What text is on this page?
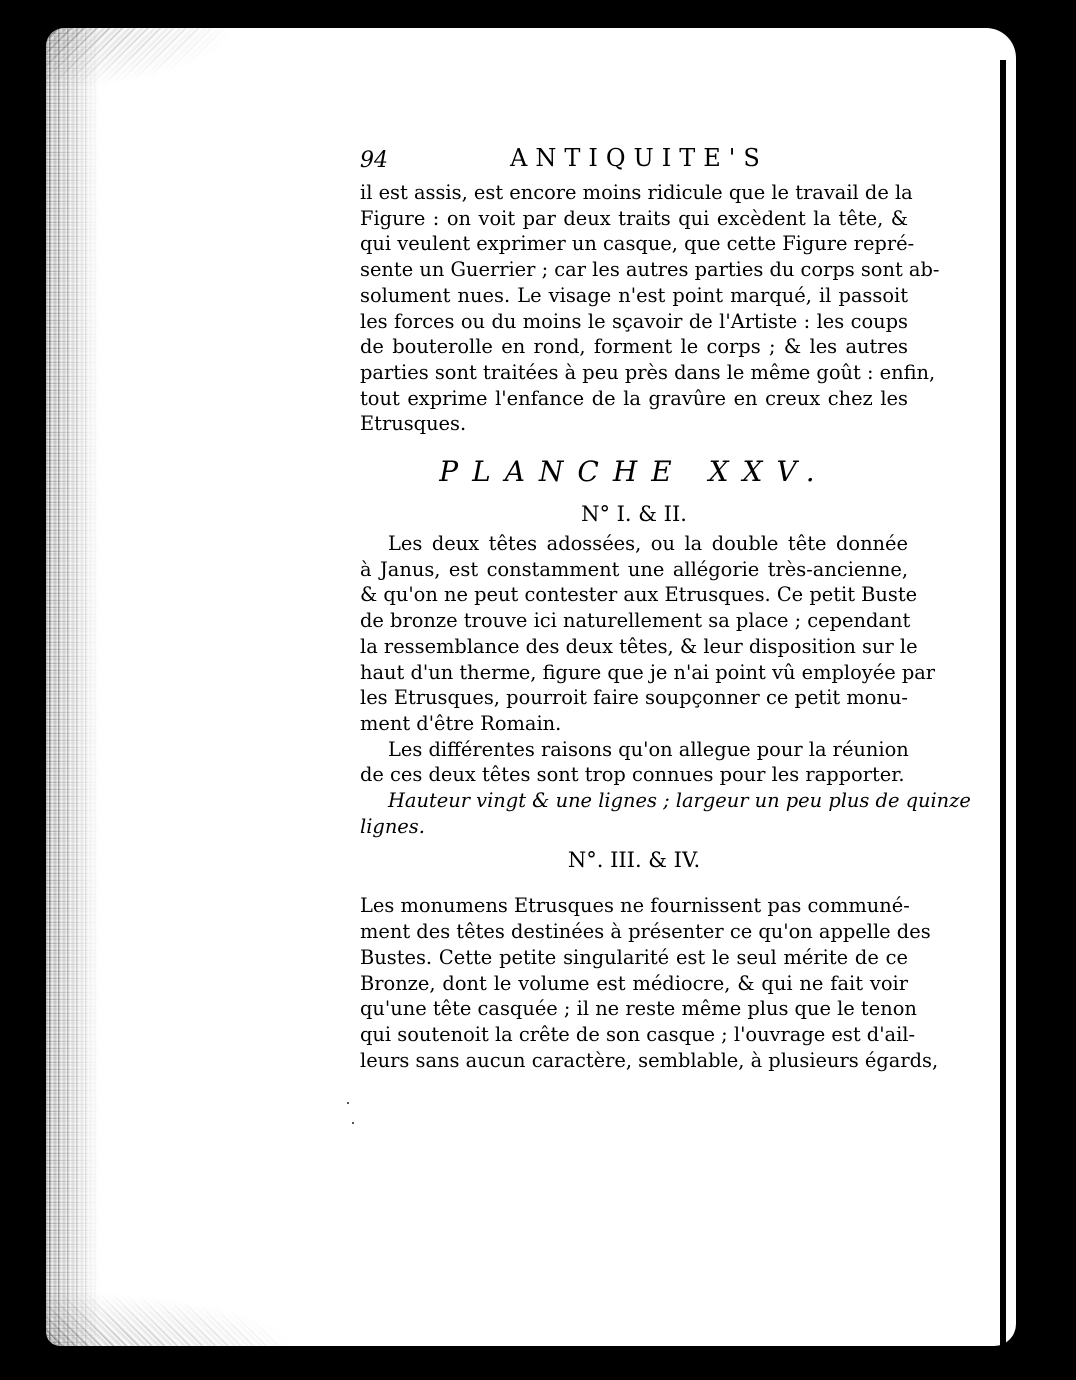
94	ANTIQUITE'S

il est assis, est encore moins ridicule que le travail de la
Figure : on voit par deux traits qui excèdent la tête, &
qui veulent exprimer un casque, que cette Figure repré-
sente un Guerrier ; car les autres parties du corps sont ab-
solument nues. Le visage n'est point marqué, il passoit
les forces ou du moins le sçavoir de l'Artiste : les coups
de bouterolle en rond, forment le corps ; & les autres
parties sont traitées à peu près dans le même goût : enfin,
tout exprime l'enfance de la gravûre en creux chez les
Etrusques.

PLANCHE XXV.
N° I. & II.

Les deux têtes adossées, ou la double tête donnée
à Janus, est constamment une allégorie très-ancienne,
& qu'on ne peut contester aux Etrusques. Ce petit Buste
de bronze trouve ici naturellement sa place ; cependant
la ressemblance des deux têtes, & leur disposition sur le
haut d'un therme, figure que je n'ai point vû employée par
les Etrusques, pourroit faire soupçonner ce petit monu-
ment d'être Romain.

Les différentes raisons qu'on allegue pour la réunion
de ces deux têtes sont trop connues pour les rapporter.

Hauteur vingt & une lignes ; largeur un peu plus de quinze
lignes.

N°. III. & IV.

Les monumens Etrusques ne fournissent pas communé-
ment des têtes destinées à présenter ce qu'on appelle des
Bustes. Cette petite singularité est le seul mérite de ce
Bronze, dont le volume est médiocre, & qui ne fait voir
qu'une tête casquée ; il ne reste même plus que le tenon
qui soutenoit la crête de son casque ; l'ouvrage est d'ail-
leurs sans aucun caractère, semblable, à plusieurs égards,
